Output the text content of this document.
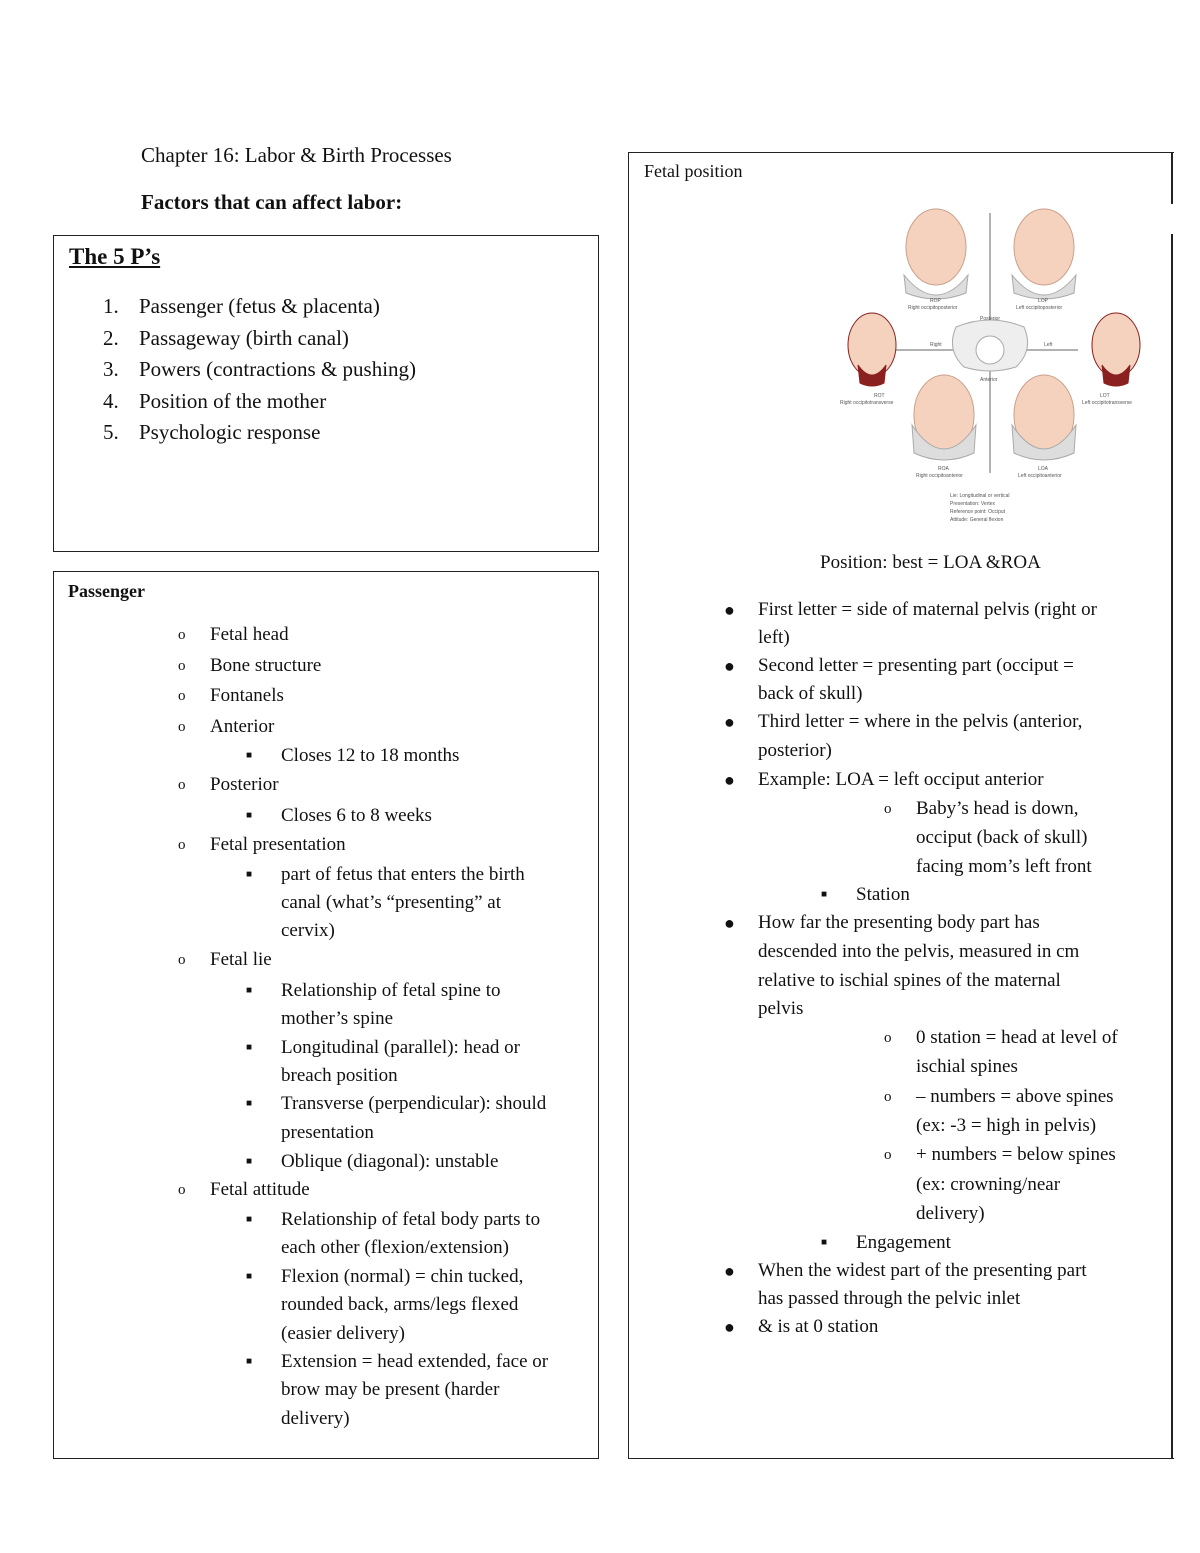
Chapter 16: Labor & Birth Processes
Factors that can affect labor:
The 5 P’s
1. Passenger (fetus & placenta)
2. Passageway (birth canal)
3. Powers (contractions & pushing)
4. Position of the mother
5. Psychologic response
Passenger
o Fetal head
o Bone structure
o Fontanels
o Anterior
■ Closes 12 to 18 months
o Posterior
■ Closes 6 to 8 weeks
o Fetal presentation
■ part of fetus that enters the birth
canal (what’s “presenting” at
cervix)
o Fetal lie
■ Relationship of fetal spine to
mother’s spine
■ Longitudinal (parallel): head or
breach position
■ Transverse (perpendicular): should
presentation
■ Oblique (diagonal): unstable
o Fetal attitude
■ Relationship of fetal body parts to
each other (flexion/extension)
■ Flexion (normal) = chin tucked,
rounded back, arms/legs flexed
(easier delivery)
■ Extension = head extended, face or
brow may be present (harder
delivery)
Fetal position
ROP
Right occipitoposterior
LOP
Left occipitoposterior
Posterior
Right	Left
Anterior
ROT
Right occipitotransverse
LOT
Left occipitotransverse
ROA
Right occipitoanterior
LOA
Left occipitoanterior
Lie: Longitudinal or vertical
Presentation: Vertex
Reference point: Occiput
Attitude: General flexion
Position: best = LOA &ROA
● First letter = side of maternal pelvis (right or
left)
● Second letter = presenting part (occiput =
back of skull)
● Third letter = where in the pelvis (anterior,
posterior)
● Example: LOA = left occiput anterior
o Baby’s head is down,
occiput (back of skull)
facing mom’s left front
■ Station
● How far the presenting body part has
descended into the pelvis, measured in cm
relative to ischial spines of the maternal
pelvis
o 0 station = head at level of
ischial spines
o – numbers = above spines
(ex: -3 = high in pelvis)
o + numbers = below spines
(ex: crowning/near
delivery)
■ Engagement
● When the widest part of the presenting part
has passed through the pelvic inlet
● & is at 0 station
